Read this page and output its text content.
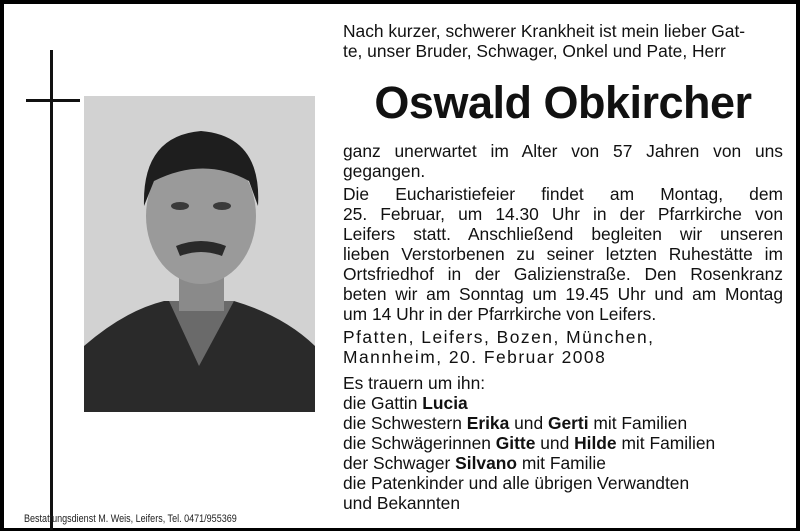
Nach kurzer, schwerer Krankheit ist mein lieber Gat-
te, unser Bruder, Schwager, Onkel und Pate, Herr
Oswald Obkircher
ganz unerwartet im Alter von 57 Jahren von uns
gegangen.
Die Eucharistiefeier findet am Montag, dem
25. Februar, um 14.30 Uhr in der Pfarrkirche von
Leifers statt. Anschließend begleiten wir unseren
lieben Verstorbenen zu seiner letzten Ruhestätte im
Ortsfriedhof in der Galizienstraße. Den Rosenkranz
beten wir am Sonntag um 19.45 Uhr und am Montag
um 14 Uhr in der Pfarrkirche von Leifers.
Pfatten, Leifers, Bozen, München,
Mannheim, 20. Februar 2008
Es trauern um ihn:
die Gattin Lucia
die Schwestern Erika und Gerti mit Familien
die Schwägerinnen Gitte und Hilde mit Familien
der Schwager Silvano mit Familie
die Patenkinder und alle übrigen Verwandten
und Bekannten
Bestattungsdienst M. Weis, Leifers, Tel. 0471/955369
